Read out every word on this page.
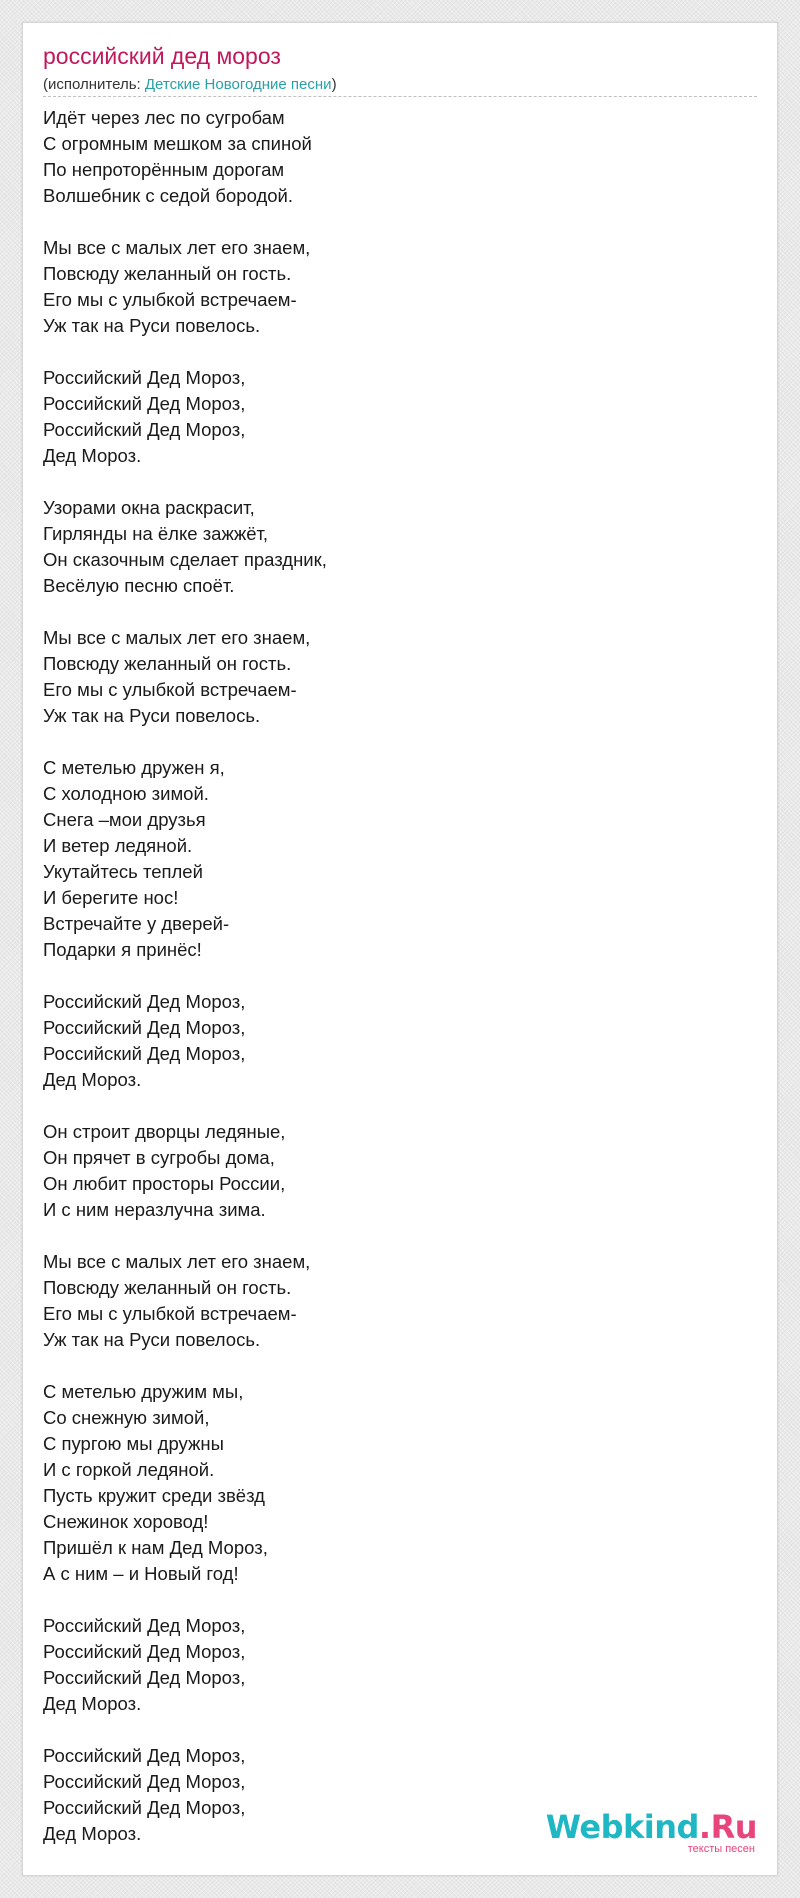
российский дед мороз
(исполнитель: Детские Новогодние песни)
Идёт через лес по сугробам
С огромным мешком за спиной
По непроторённым дорогам
Волшебник с седой бородой.
Мы все с малых лет его знаем,
Повсюду желанный он гость.
Его мы с улыбкой встречаем-
Уж так на Руси повелось.
Российский Дед Мороз,
Российский Дед Мороз,
Российский Дед Мороз,
Дед Мороз.
Узорами окна раскрасит,
Гирлянды на ёлке зажжёт,
Он сказочным сделает праздник,
Весёлую песню споёт.
Мы все с малых лет его знаем,
Повсюду желанный он гость.
Его мы с улыбкой встречаем-
Уж так на Руси повелось.
С метелью дружен я,
С холодною зимой.
Снега –мои друзья
И ветер ледяной.
Укутайтесь теплей
И берегите нос!
Встречайте у дверей-
Подарки я принёс!
Российский Дед Мороз,
Российский Дед Мороз,
Российский Дед Мороз,
Дед Мороз.
Он строит дворцы ледяные,
Он прячет в сугробы дома,
Он любит просторы России,
И с ним неразлучна зима.
Мы все с малых лет его знаем,
Повсюду желанный он гость.
Его мы с улыбкой встречаем-
Уж так на Руси повелось.
С метелью дружим мы,
Со снежную зимой,
С пургою мы дружны
И с горкой ледяной.
Пусть кружит среди звёзд
Снежинок хоровод!
Пришёл к нам Дед Мороз,
А с ним – и Новый год!
Российский Дед Мороз,
Российский Дед Мороз,
Российский Дед Мороз,
Дед Мороз.
Российский Дед Мороз,
Российский Дед Мороз,
Российский Дед Мороз,
Дед Мороз.	Webkind.Ru
тексты песен
